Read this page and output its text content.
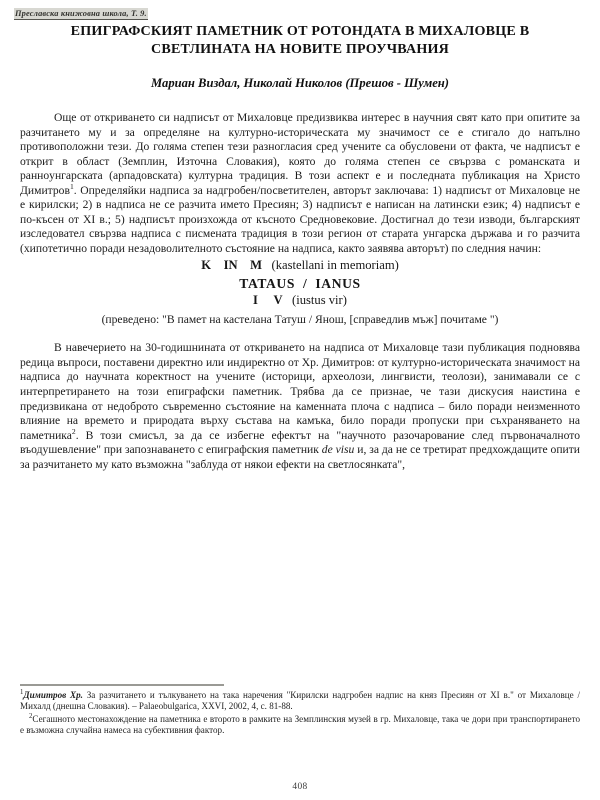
Преславска книжовна школа, Т. 9.
ЕПИГРАФСКИЯТ ПАМЕТНИК ОТ РОТОНДАТА В МИХАЛОВЦЕ В
СВЕТЛИНАТА НА НОВИТЕ ПРОУЧВАНИЯ
Мариан Виздал, Николай Николов (Прешов - Шумен)

Още от откриването си надписът от Михаловце предизвиква интерес в научния свят като при опитите за разчитането му и за определяне на културно-историческата му значимост се е стигало до напълно противоположни тези. До голяма степен тези разногласия сред учените са обусловени от факта, че надписът е открит в област (Земплин, Източна Словакия), която до голяма степен се свързва с романската и раннoунгарската (арпадовската) културна традиция. В този аспект е и последната публикация на Христо Димитров$^1$. Определяйки надписа за надгробен/посветителен, авторът заключава: 1) надписът от Михаловце не е кирилски; 2) в надписа не се разчита името Пресиян; 3) надписът е написан на латински език; 4) надписът е по-късен от XI в.; 5) надписът произхожда от късното Средновековие. Достигнал до тези изводи, българският изследовател свързва надписа с писмената традиция в този регион от старата унгарска държава и го разчита (хипотетично поради незадоволителното състояние на надписа, както заявява авторът) по следния начин:

K    IN    M (kastellani in memoriam)
TATAUS  /  IANUS
I     V (iustus vir)
(преведено: "В памет на кастелана Татуш / Янош, [справедлив мъж] почитаме ")

В навечерието на 30-годишнината от откриването на надписа от Михаловце тази публикация подновява редица въпроси, поставени директно или индиректно от Хр. Димитров: от културно-историческата значимост на надписа до научната коректност на учените (историци, археолози, лингвисти, теолози), занимавали се с интерпретирането на този епиграфски паметник. Трябва да се признае, че тази дискусия наистина е предизвикана от недоброто съвременно състояние на каменната плоча с надписа – било поради неизменното влияние на времето и природата върху състава на камъка, било поради пропуски при съхраняването на паметника$^2$. В този смисъл, за да се избегне ефектът на "научното разочарование след първоначалното въодушевление" при запознаването с епиграфския паметник de visu и, за да не се третират предхождащите опити за разчитането му като възможна "заблуда от някои ефекти на светлосянката",

$^1$Димитров Хр. За разчитането и тълкуването на така наречения "Кирилски надгробен надпис на княз Пресиян от XI в." от Михаловце / Михалд (днешна Словакия). – Palaeobulgarica, XXVI, 2002, 4, с. 81-88.
$^2$Сегашното местонахождение на паметника е второто в рамките на Земплинския музей в гр. Михаловце, така че дори при транспортирането е възможна случайна намеса на субективния фактор.
408
